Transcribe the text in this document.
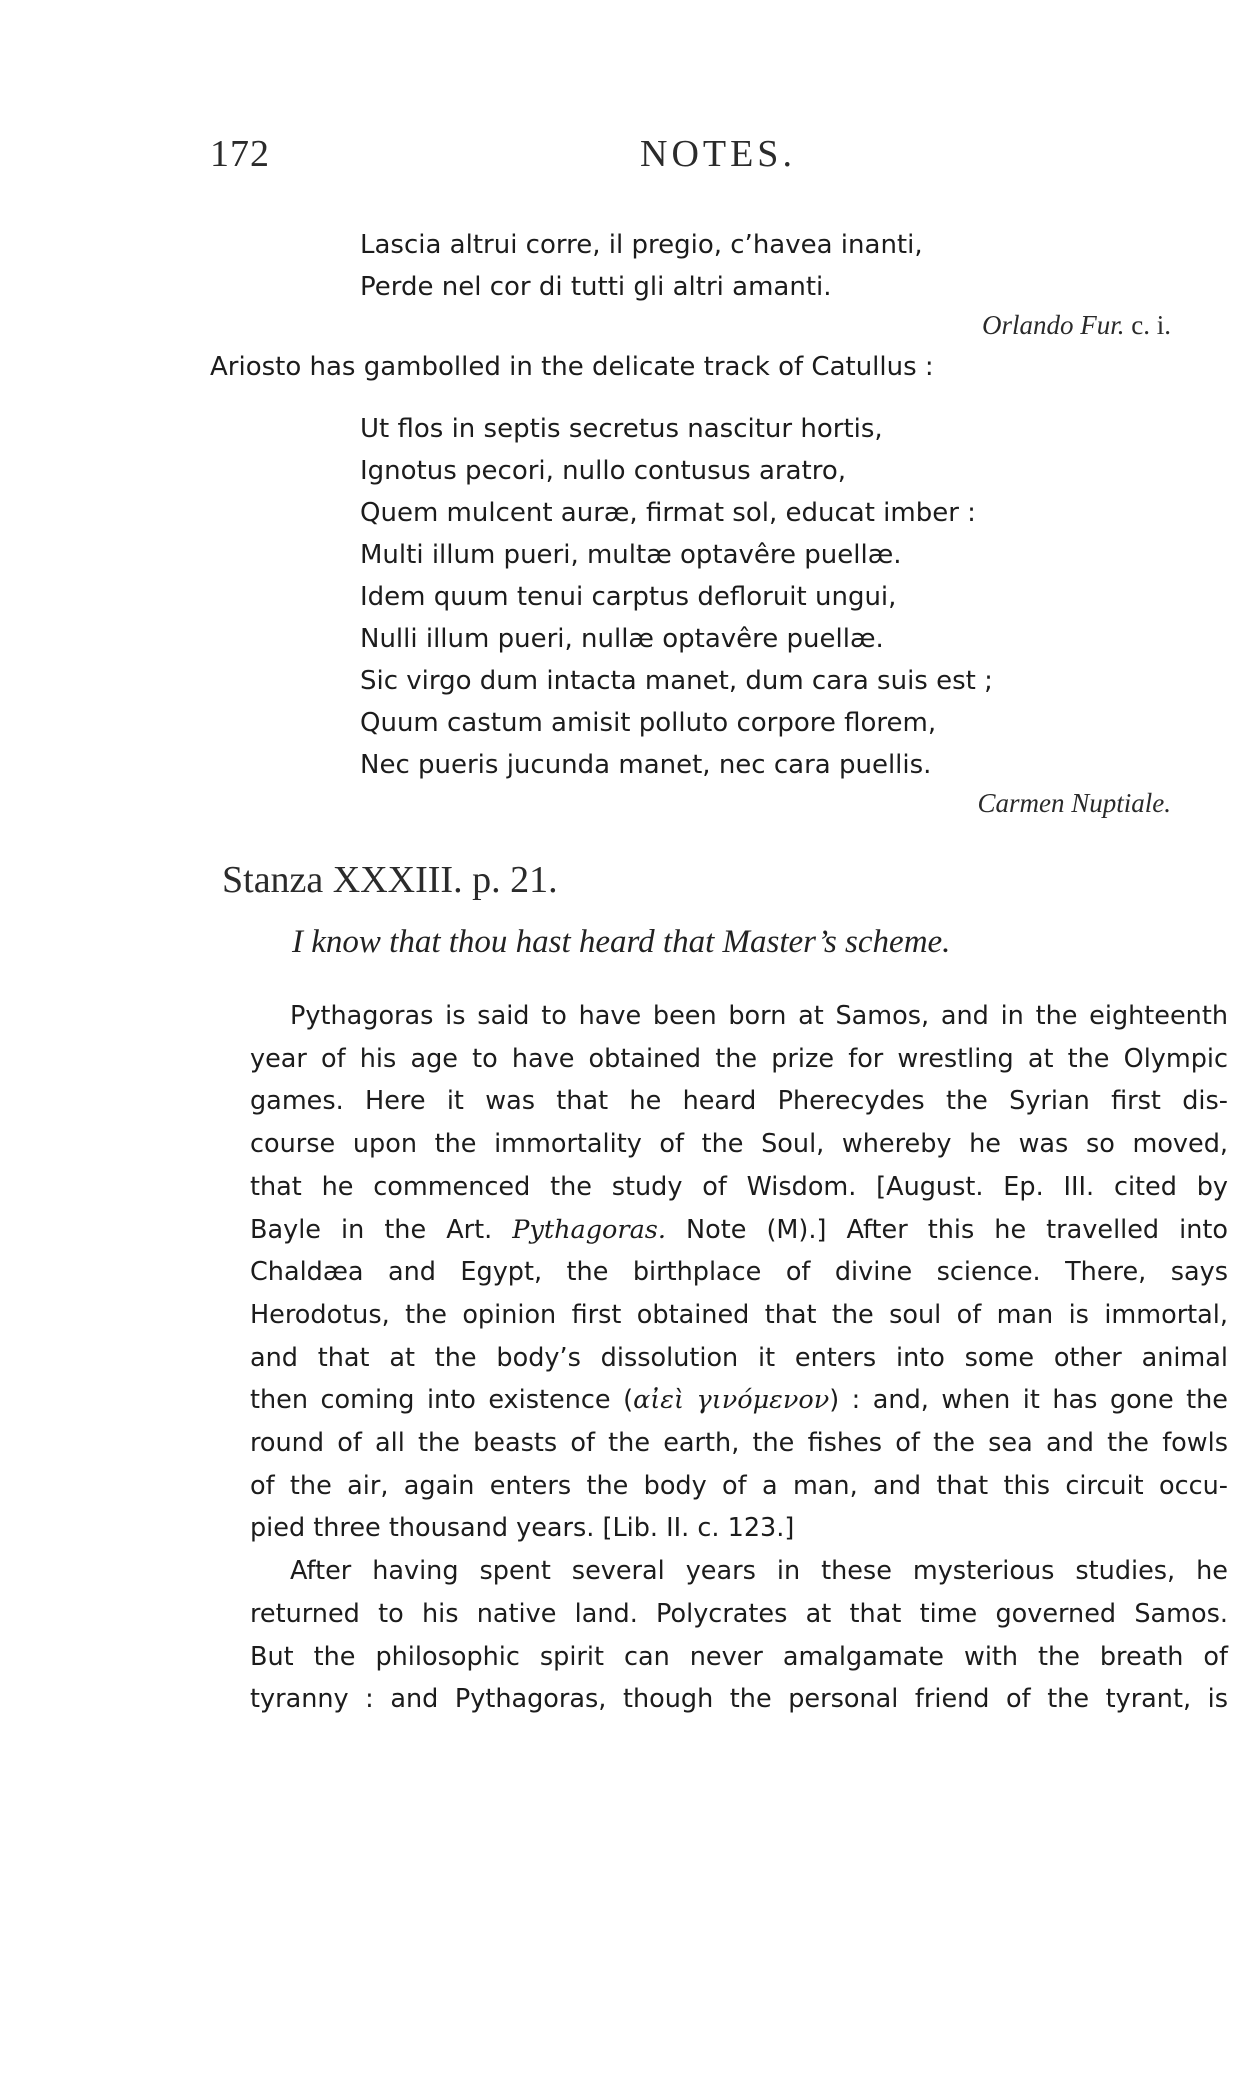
172	NOTES.
Lascia altrui corre, il pregio, c’havea inanti,
Perde nel cor di tutti gli altri amanti.
Orlando Fur. c. i.
Ariosto has gambolled in the delicate track of Catullus :
Ut flos in septis secretus nascitur hortis,
Ignotus pecori, nullo contusus aratro,
Quem mulcent auræ, firmat sol, educat imber :
Multi illum pueri, multæ optavêre puellæ.
Idem quum tenui carptus defloruit ungui,
Nulli illum pueri, nullæ optavêre puellæ.
Sic virgo dum intacta manet, dum cara suis est ;
Quum castum amisit polluto corpore florem,
Nec pueris jucunda manet, nec cara puellis.
Carmen Nuptiale.
Stanza XXXIII. p. 21.
I know that thou hast heard that Master’s scheme.
Pythagoras is said to have been born at Samos, and in the eighteenth
year of his age to have obtained the prize for wrestling at the Olympic
games. Here it was that he heard Pherecydes the Syrian first dis-
course upon the immortality of the Soul, whereby he was so moved,
that he commenced the study of Wisdom. [August. Ep. III. cited by
Bayle in the Art. Pythagoras. Note (M).] After this he travelled into
Chaldæa and Egypt, the birthplace of divine science. There, says
Herodotus, the opinion first obtained that the soul of man is immortal,
and that at the body’s dissolution it enters into some other animal
then coming into existence (αἰεὶ γινόμενον) : and, when it has gone the
round of all the beasts of the earth, the fishes of the sea and the fowls
of the air, again enters the body of a man, and that this circuit occu-
pied three thousand years. [Lib. II. c. 123.]
After having spent several years in these mysterious studies, he
returned to his native land. Polycrates at that time governed Samos.
But the philosophic spirit can never amalgamate with the breath of
tyranny : and Pythagoras, though the personal friend of the tyrant, is
